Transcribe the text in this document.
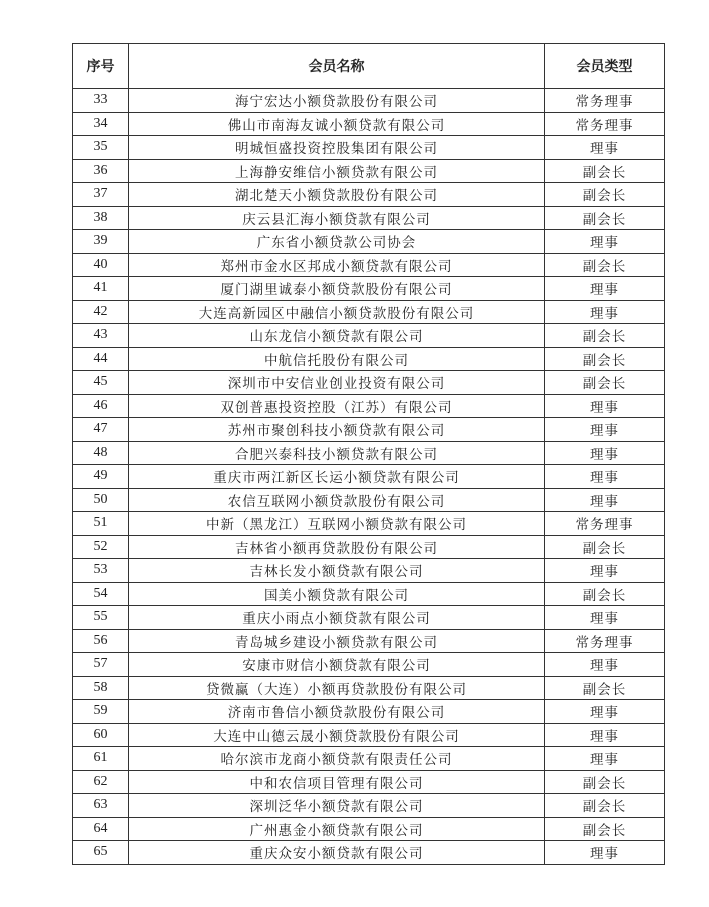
序号	会员名称	会员类型
33	海宁宏达小额贷款股份有限公司	常务理事
34	佛山市南海友诚小额贷款有限公司	常务理事
35	明城恒盛投资控股集团有限公司	理事
36	上海静安维信小额贷款有限公司	副会长
37	湖北楚天小额贷款股份有限公司	副会长
38	庆云县汇海小额贷款有限公司	副会长
39	广东省小额贷款公司协会	理事
40	郑州市金水区邦成小额贷款有限公司	副会长
41	厦门湖里诚泰小额贷款股份有限公司	理事
42	大连高新园区中融信小额贷款股份有限公司	理事
43	山东龙信小额贷款有限公司	副会长
44	中航信托股份有限公司	副会长
45	深圳市中安信业创业投资有限公司	副会长
46	双创普惠投资控股（江苏）有限公司	理事
47	苏州市聚创科技小额贷款有限公司	理事
48	合肥兴泰科技小额贷款有限公司	理事
49	重庆市两江新区长运小额贷款有限公司	理事
50	农信互联网小额贷款股份有限公司	理事
51	中新（黑龙江）互联网小额贷款有限公司	常务理事
52	吉林省小额再贷款股份有限公司	副会长
53	吉林长发小额贷款有限公司	理事
54	国美小额贷款有限公司	副会长
55	重庆小雨点小额贷款有限公司	理事
56	青岛城乡建设小额贷款有限公司	常务理事
57	安康市财信小额贷款有限公司	理事
58	贷微赢（大连）小额再贷款股份有限公司	副会长
59	济南市鲁信小额贷款股份有限公司	理事
60	大连中山德云晟小额贷款股份有限公司	理事
61	哈尔滨市龙商小额贷款有限责任公司	理事
62	中和农信项目管理有限公司	副会长
63	深圳泛华小额贷款有限公司	副会长
64	广州惠金小额贷款有限公司	副会长
65	重庆众安小额贷款有限公司	理事
